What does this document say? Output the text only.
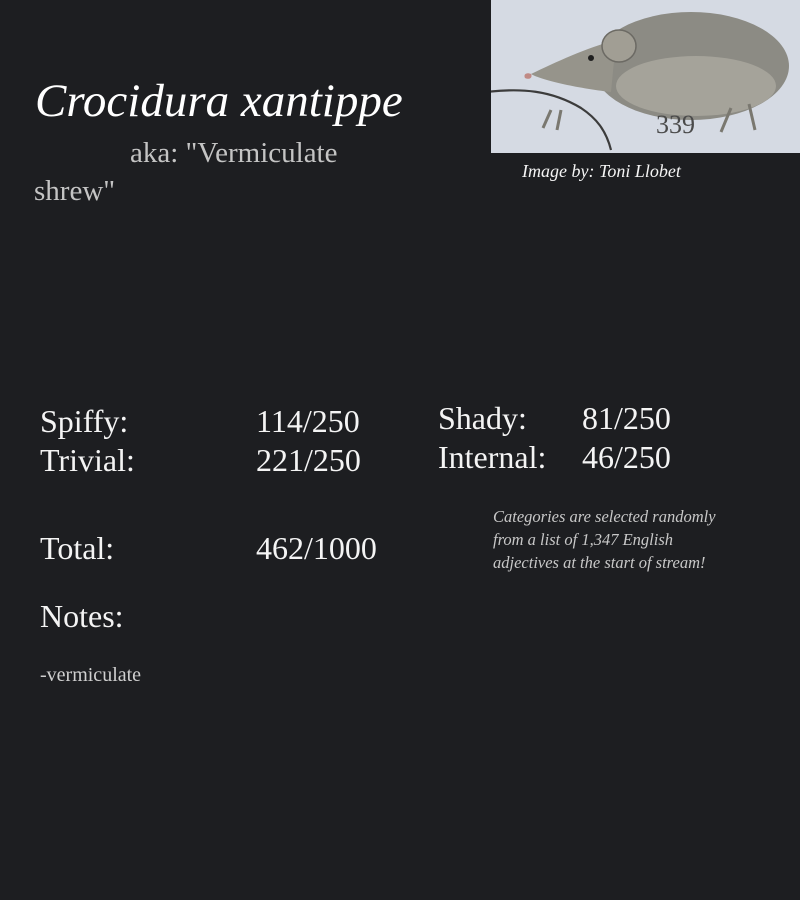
Crocidura xantippe
aka: "Vermiculate shrew"
339
Image by: Toni Llobet
Spiffy:	114/250
Trivial:	221/250
Shady: 81/250
Internal: 46/250
Total:	462/1000
Categories are selected randomly from a list of 1,347 English adjectives at the start of stream!
Notes:
-vermiculate
